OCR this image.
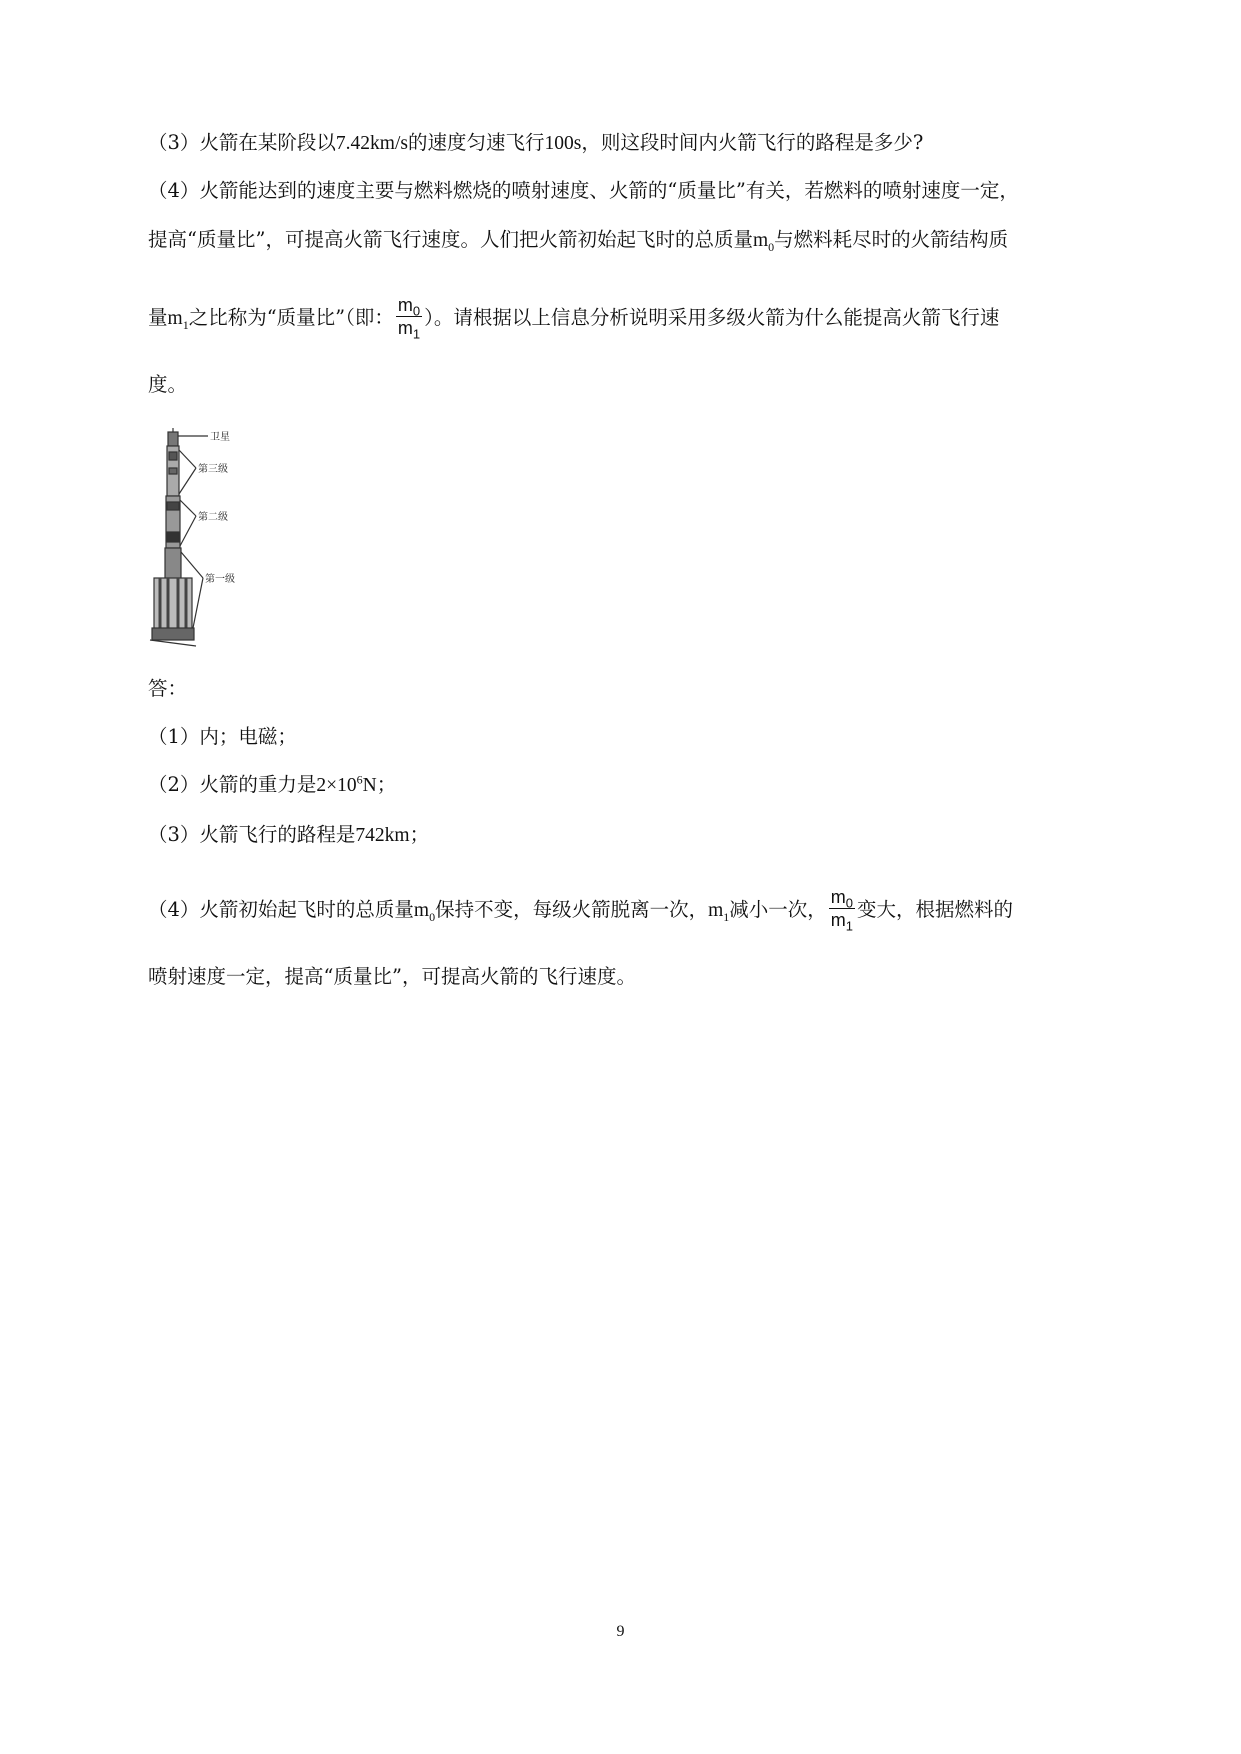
（3）火箭在某阶段以7.42km/s的速度匀速飞行100s，则这段时间内火箭飞行的路程是多少?
（4）火箭能达到的速度主要与燃料燃烧的喷射速度、火箭的“质量比”有关，若燃料的喷射速度一定，
提高“质量比”，可提高火箭飞行速度。人们把火箭初始起飞时的总质量$m_0$与燃料耗尽时的火箭结构质
量$m_1$之比称为“质量比”（即： $\frac{m_0}{m_1}$ ）。请根据以上信息分析说明采用多级火箭为什么能提高火箭飞行速
度。
卫星
第三级
第二级
第一级
答：
（1）内；电磁；
（2）火箭的重力是$2\times 10^6N$；
（3）火箭飞行的路程是742km；
（4）火箭初始起飞时的总质量$m_0$保持不变，每级火箭脱离一次，$m_1$减小一次， $\frac{m_0}{m_1}$ 变大，根据燃料的
喷射速度一定，提高“质量比”，可提高火箭的飞行速度。
9
